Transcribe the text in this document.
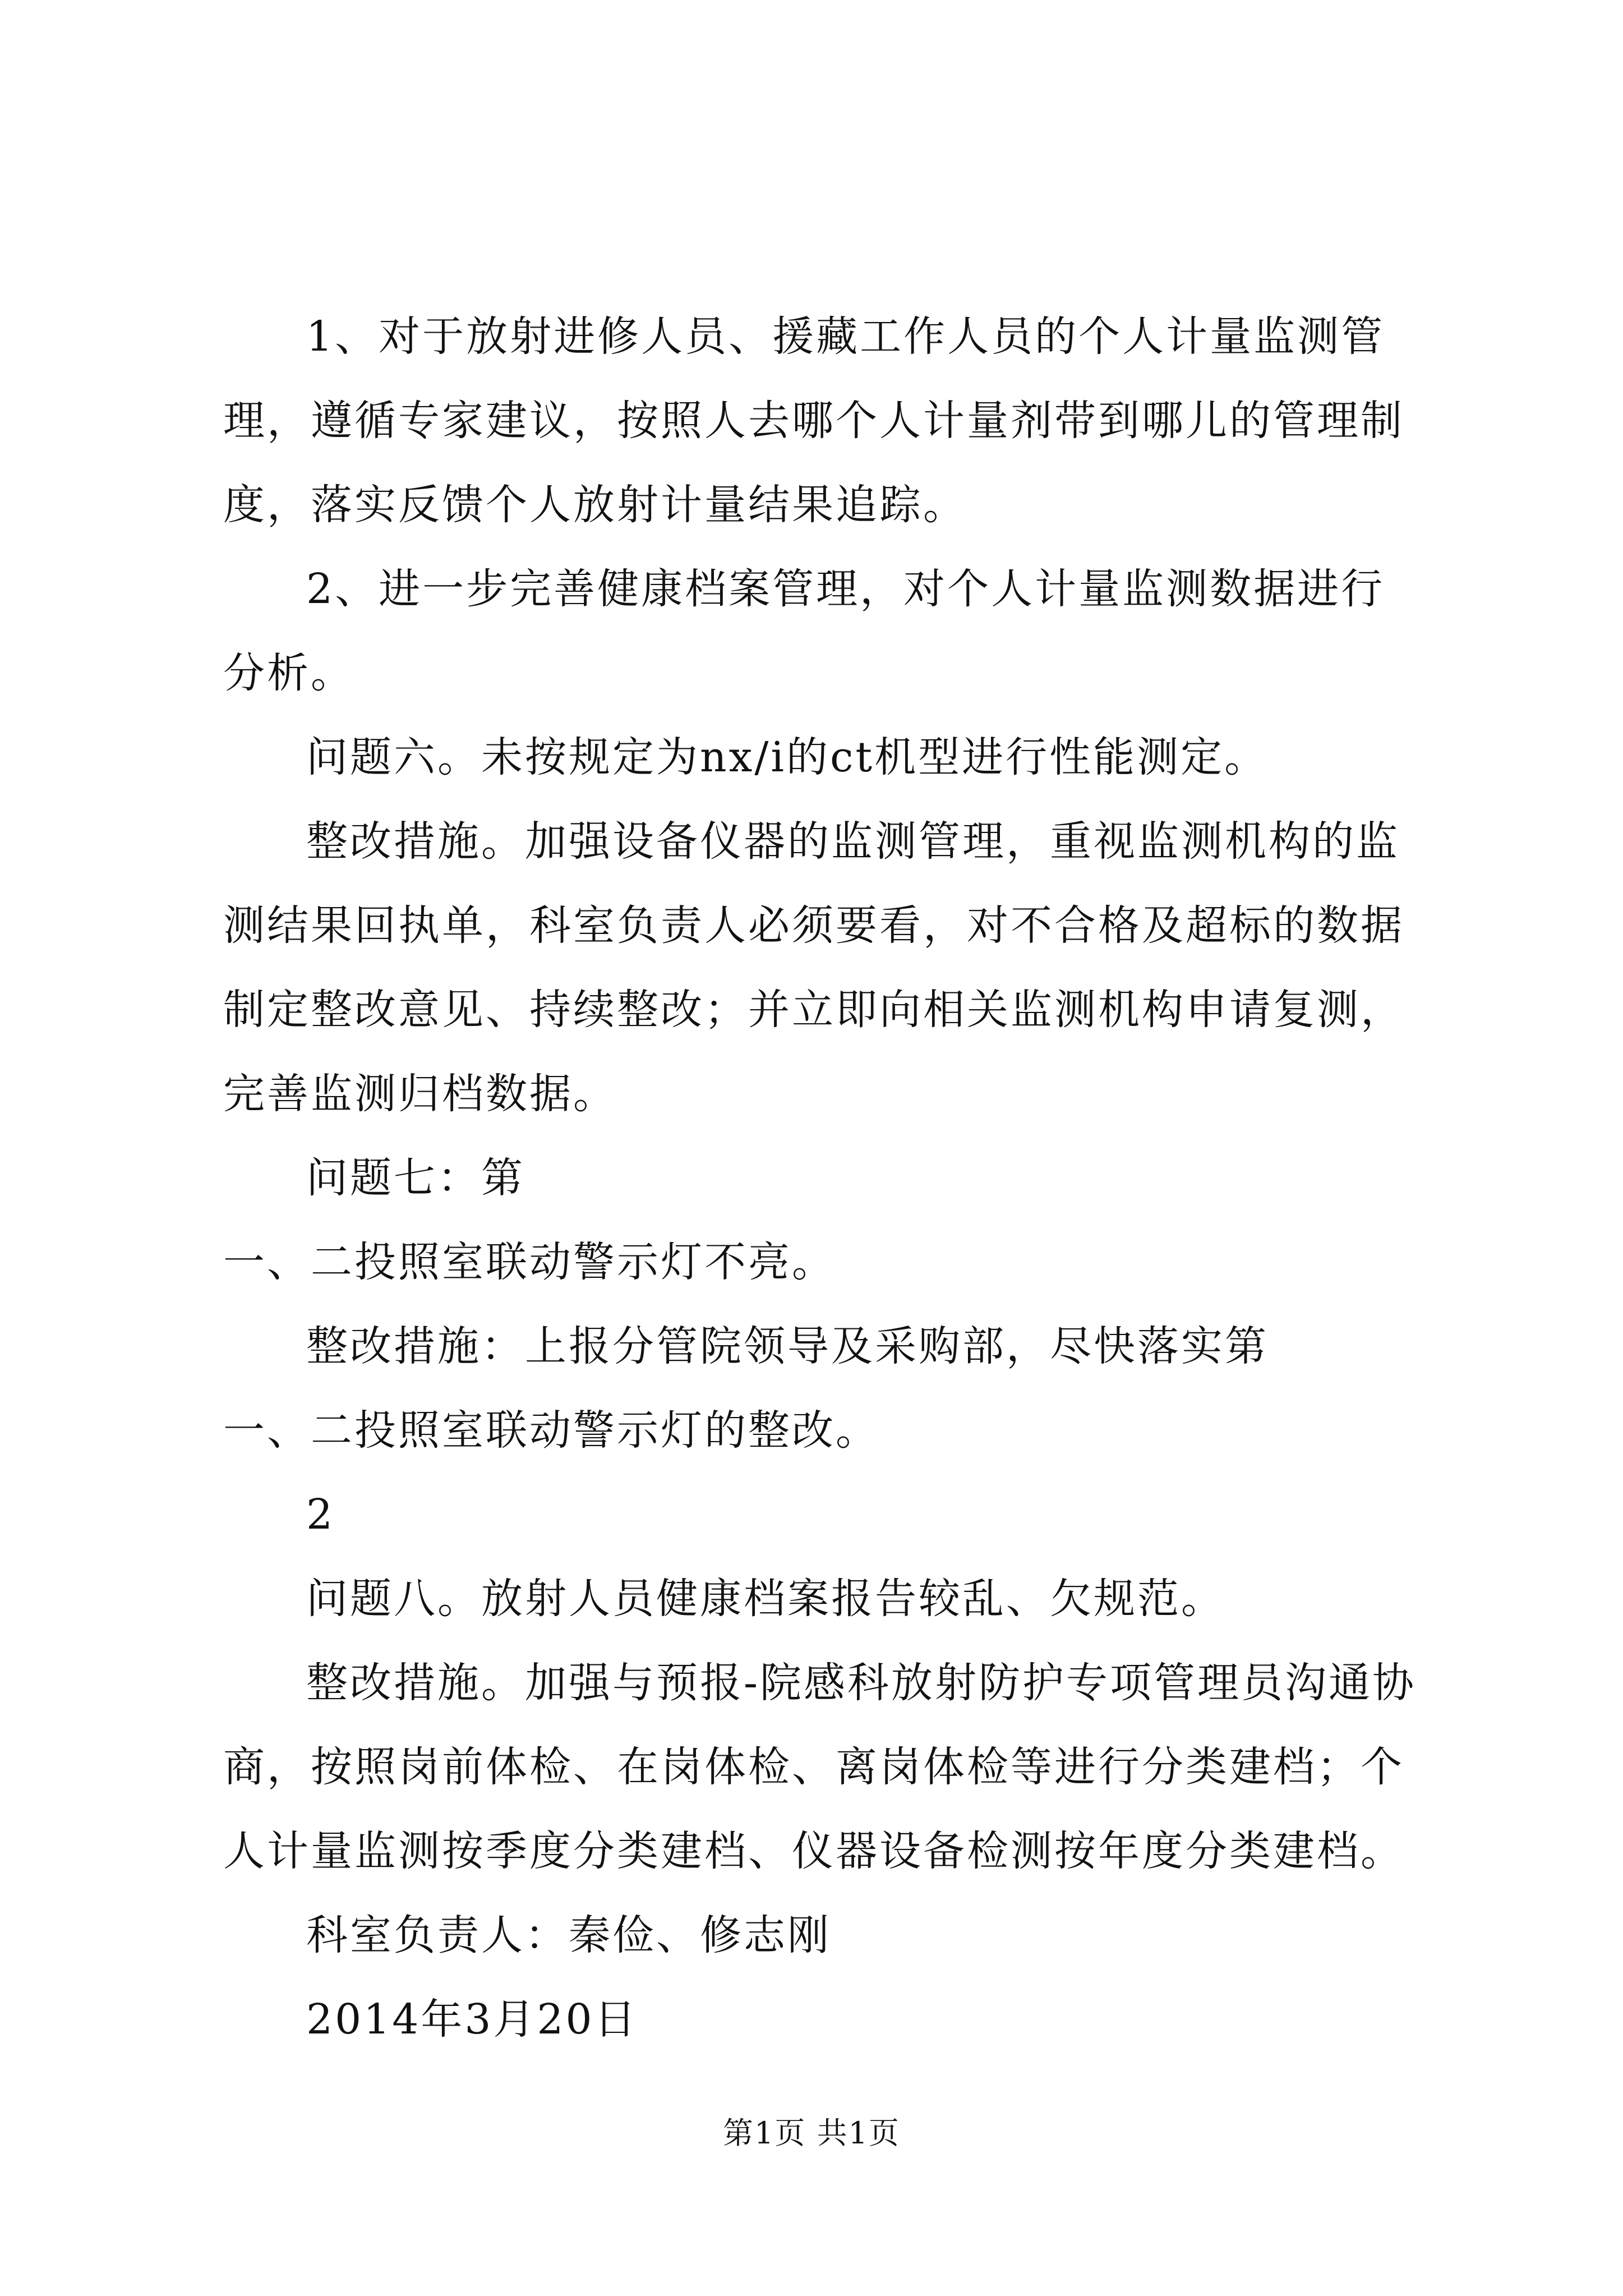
1、对于放射进修人员、援藏工作人员的个人计量监测管理，遵循专家建议，按照人去哪个人计量剂带到哪儿的管理制度，落实反馈个人放射计量结果追踪。

2、进一步完善健康档案管理，对个人计量监测数据进行分析。

问题六。未按规定为nx/i的ct机型进行性能测定。

整改措施。加强设备仪器的监测管理，重视监测机构的监测结果回执单，科室负责人必须要看，对不合格及超标的数据制定整改意见、持续整改；并立即向相关监测机构申请复测，完善监测归档数据。

问题七：第

一、二投照室联动警示灯不亮。

整改措施：上报分管院领导及采购部，尽快落实第

一、二投照室联动警示灯的整改。

2

问题八。放射人员健康档案报告较乱、欠规范。

整改措施。加强与预报-院感科放射防护专项管理员沟通协商，按照岗前体检、在岗体检、离岗体检等进行分类建档；个人计量监测按季度分类建档、仪器设备检测按年度分类建档。

科室负责人：秦俭、修志刚

2014年3月20日

第1页 共1页
